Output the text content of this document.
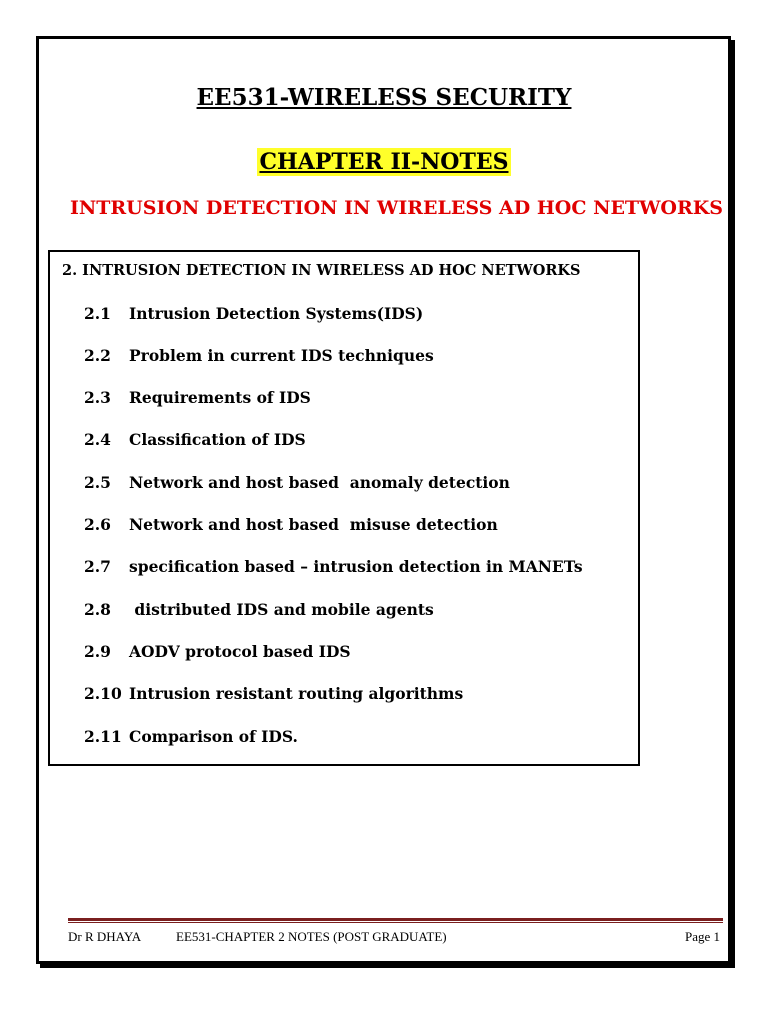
EE531-WIRELESS SECURITY
CHAPTER II-NOTES
INTRUSION DETECTION IN WIRELESS AD HOC NETWORKS
2. INTRUSION DETECTION IN WIRELESS AD HOC NETWORKS
2.1 Intrusion Detection Systems(IDS)
2.2 Problem in current IDS techniques
2.3 Requirements of IDS
2.4 Classification of IDS
2.5 Network and host based  anomaly detection
2.6 Network and host based  misuse detection
2.7 specification based – intrusion detection in MANETs
2.8 distributed IDS and mobile agents
2.9 AODV protocol based IDS
2.10 Intrusion resistant routing algorithms
2.11 Comparison of IDS.
Dr R DHAYA	EE531-CHAPTER 2 NOTES (POST GRADUATE)	Page 1
